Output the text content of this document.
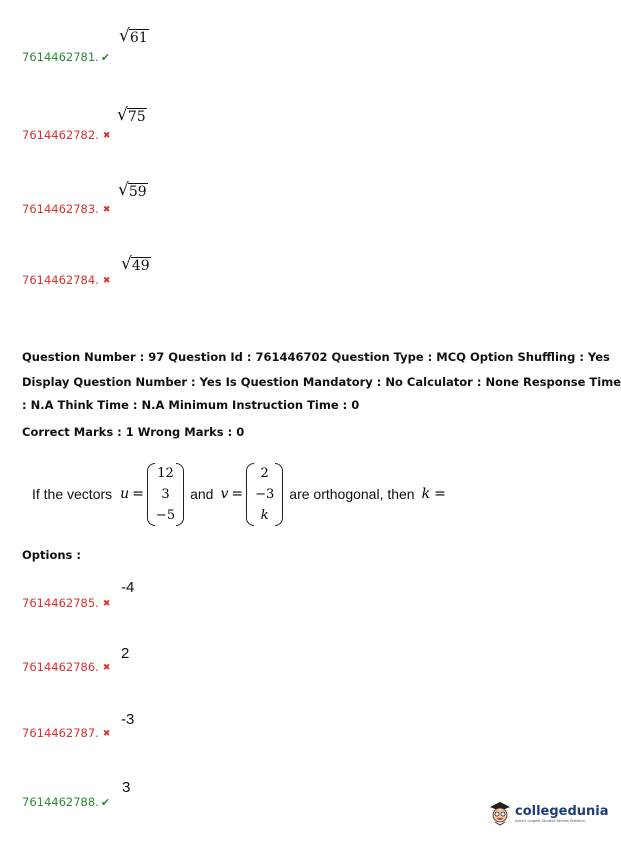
7614462781. ✔
√ 61
7614462782. ✖
√ 75
7614462783. ✖
√ 59
7614462784. ✖
√ 49
Question Number : 97 Question Id : 761446702 Question Type : MCQ Option Shuffling : Yes
Display Question Number : Yes Is Question Mandatory : No Calculator : None Response Time
: N.A Think Time : N.A Minimum Instruction Time : 0
Correct Marks : 1 Wrong Marks : 0
If the vectors u =
12
3
−5
and v =
2
−3
k
are orthogonal, then k =
Options :
7614462785. ✖
-4
7614462786. ✖
2
7614462787. ✖
-3
7614462788. ✔
3
collegedunia
India's Largest Student Review Platform
